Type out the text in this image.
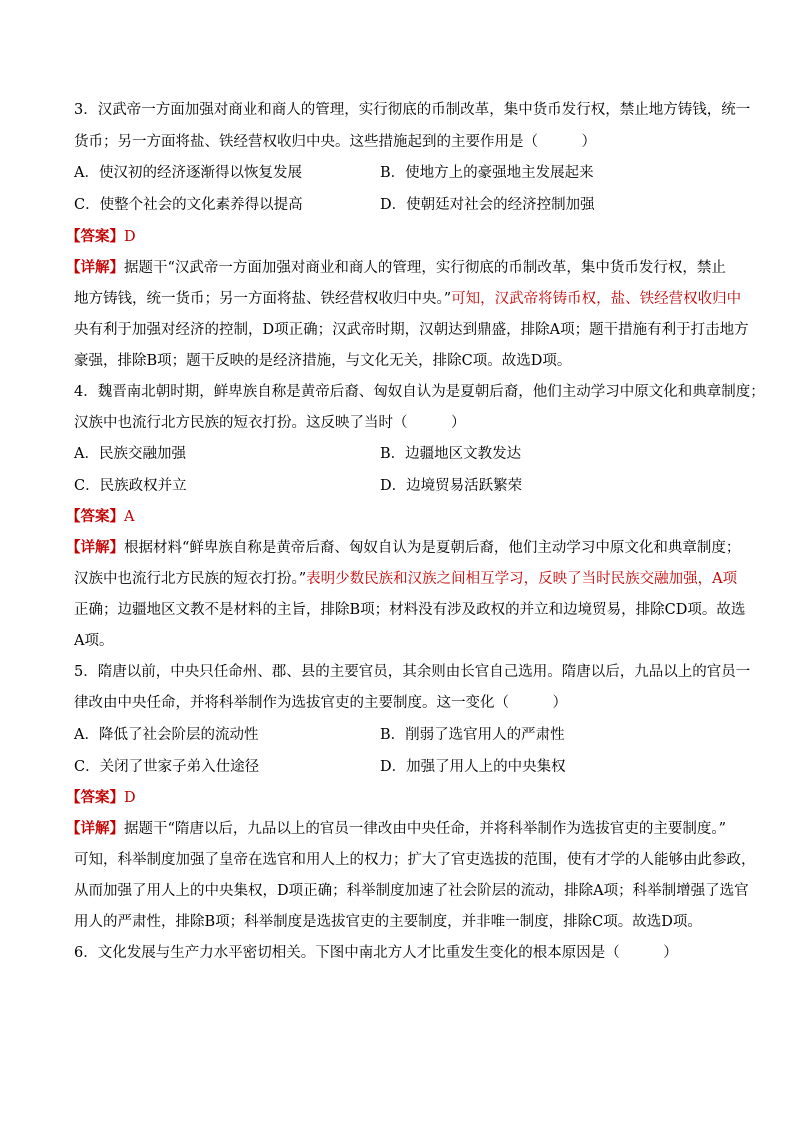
3．汉武帝一方面加强对商业和商人的管理，实行彻底的币制改革，集中货币发行权，禁止地方铸钱，统一
货币；另一方面将盐、铁经营权收归中央。这些措施起到的主要作用是（　　　）
A．使汉初的经济逐渐得以恢复发展	B．使地方上的豪强地主发展起来
C．使整个社会的文化素养得以提高	D．使朝廷对社会的经济控制加强
【答案】D
【详解】据题干“汉武帝一方面加强对商业和商人的管理，实行彻底的币制改革，集中货币发行权，禁止
地方铸钱，统一货币；另一方面将盐、铁经营权收归中央。”可知，汉武帝将铸币权，盐、铁经营权收归中
央有利于加强对经济的控制，D项正确；汉武帝时期，汉朝达到鼎盛，排除A项；题干措施有利于打击地方
豪强，排除B项；题干反映的是经济措施，与文化无关，排除C项。故选D项。
4．魏晋南北朝时期，鲜卑族自称是黄帝后裔、匈奴自认为是夏朝后裔，他们主动学习中原文化和典章制度；
汉族中也流行北方民族的短衣打扮。这反映了当时（　　　）
A．民族交融加强	B．边疆地区文教发达
C．民族政权并立	D．边境贸易活跃繁荣
【答案】A
【详解】根据材料“鲜卑族自称是黄帝后裔、匈奴自认为是夏朝后裔，他们主动学习中原文化和典章制度；
汉族中也流行北方民族的短衣打扮。”表明少数民族和汉族之间相互学习，反映了当时民族交融加强，A项
正确；边疆地区文教不是材料的主旨，排除B项；材料没有涉及政权的并立和边境贸易，排除CD项。故选
A项。
5．隋唐以前，中央只任命州、郡、县的主要官员，其余则由长官自己选用。隋唐以后，九品以上的官员一
律改由中央任命，并将科举制作为选拔官吏的主要制度。这一变化（　　　）
A．降低了社会阶层的流动性	B．削弱了选官用人的严肃性
C．关闭了世家子弟入仕途径	D．加强了用人上的中央集权
【答案】D
【详解】据题干“隋唐以后，九品以上的官员一律改由中央任命，并将科举制作为选拔官吏的主要制度。”
可知，科举制度加强了皇帝在选官和用人上的权力；扩大了官吏选拔的范围，使有才学的人能够由此参政，
从而加强了用人上的中央集权，D项正确；科举制度加速了社会阶层的流动，排除A项；科举制增强了选官
用人的严肃性，排除B项；科举制度是选拔官吏的主要制度，并非唯一制度，排除C项。故选D项。
6．文化发展与生产力水平密切相关。下图中南北方人才比重发生变化的根本原因是（　　　）
